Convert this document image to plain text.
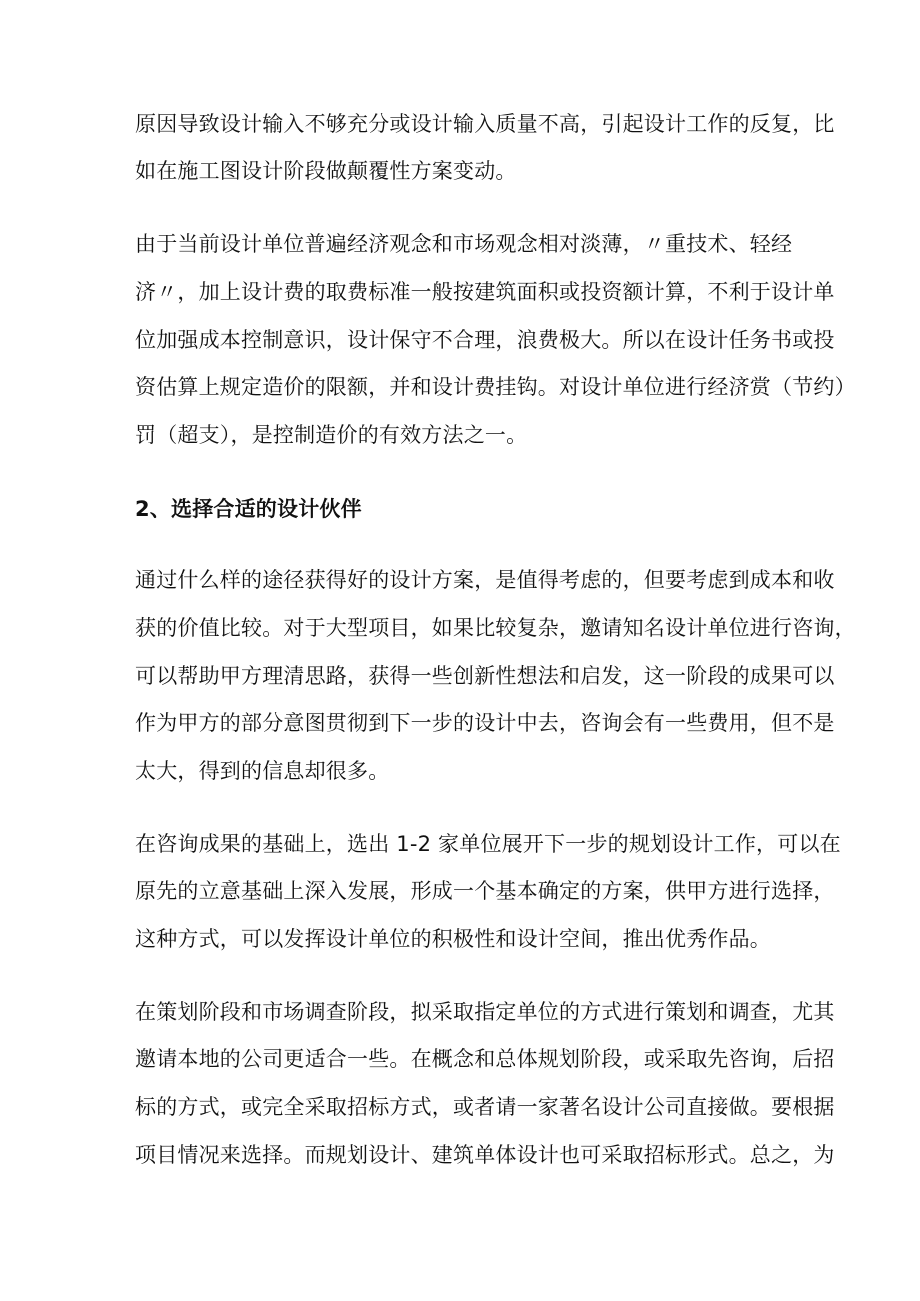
原因导致设计输入不够充分或设计输入质量不高，引起设计工作的反复，比
如在施工图设计阶段做颠覆性方案变动。
由于当前设计单位普遍经济观念和市场观念相对淡薄，〃重技术、轻经
济〃，加上设计费的取费标准一般按建筑面积或投资额计算，不利于设计单
位加强成本控制意识，设计保守不合理，浪费极大。所以在设计任务书或投
资估算上规定造价的限额，并和设计费挂钩。对设计单位进行经济赏（节约）
罚（超支），是控制造价的有效方法之一。
2、选择合适的设计伙伴
通过什么样的途径获得好的设计方案，是值得考虑的，但要考虑到成本和收
获的价值比较。对于大型项目，如果比较复杂，邀请知名设计单位进行咨询，
可以帮助甲方理清思路，获得一些创新性想法和启发，这一阶段的成果可以
作为甲方的部分意图贯彻到下一步的设计中去，咨询会有一些费用，但不是
太大，得到的信息却很多。
在咨询成果的基础上，选出 1-2 家单位展开下一步的规划设计工作，可以在
原先的立意基础上深入发展，形成一个基本确定的方案，供甲方进行选择，
这种方式，可以发挥设计单位的积极性和设计空间，推出优秀作品。
在策划阶段和市场调查阶段，拟采取指定单位的方式进行策划和调查，尤其
邀请本地的公司更适合一些。在概念和总体规划阶段，或采取先咨询，后招
标的方式，或完全采取招标方式，或者请一家著名设计公司直接做。要根据
项目情况来选择。而规划设计、建筑单体设计也可采取招标形式。总之，为
